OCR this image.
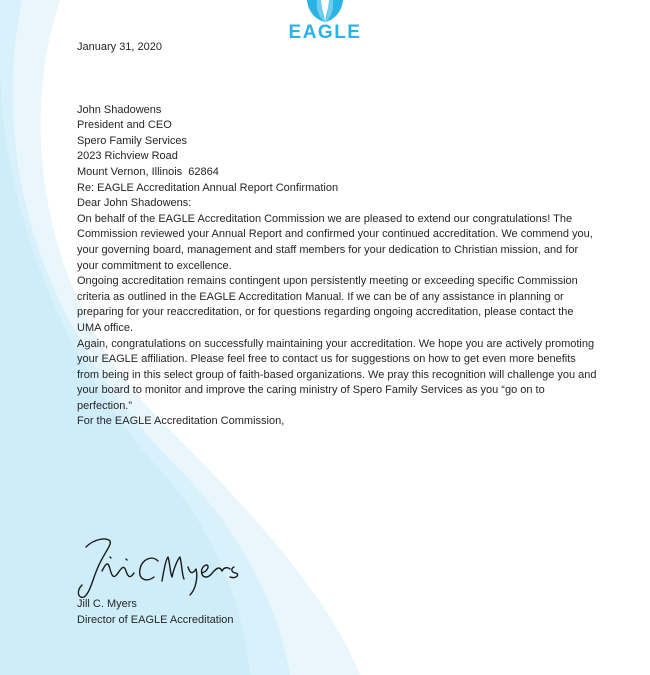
EAGLE

January 31, 2020

John Shadowens

President and CEO

Spero Family Services

2023 Richview Road

Mount Vernon, Illinois  62864

Re: EAGLE Accreditation Annual Report Confirmation

Dear John Shadowens:

On behalf of the EAGLE Accreditation Commission we are pleased to extend our congratulations! The Commission reviewed your Annual Report and confirmed your continued accreditation. We commend you, your governing board, management and staff members for your dedication to Christian mission, and for your commitment to excellence.

Ongoing accreditation remains contingent upon persistently meeting or exceeding specific Commission criteria as outlined in the EAGLE Accreditation Manual. If we can be of any assistance in planning or preparing for your reaccreditation, or for questions regarding ongoing accreditation, please contact the UMA office.

Again, congratulations on successfully maintaining your accreditation. We hope you are actively promoting your EAGLE affiliation. Please feel free to contact us for suggestions on how to get even more benefits from being in this select group of faith-based organizations. We pray this recognition will challenge you and your board to monitor and improve the caring ministry of Spero Family Services as you “go on to perfection.”

For the EAGLE Accreditation Commission,

Jill C. Myers

Director of EAGLE Accreditation
